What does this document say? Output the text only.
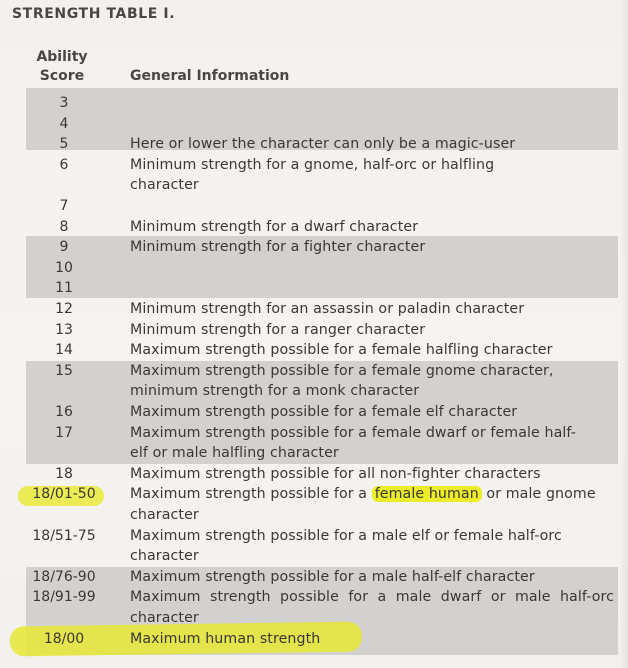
STRENGTH TABLE I.
Ability
Score	General Information
3
4
5	Here or lower the character can only be a magic-user
6	Minimum strength for a gnome, half-orc or halfling character
7
8	Minimum strength for a dwarf character
9	Minimum strength for a fighter character
10
11
12	Minimum strength for an assassin or paladin character
13	Minimum strength for a ranger character
14	Maximum strength possible for a female halfling character
15	Maximum strength possible for a female gnome character, minimum strength for a monk character
16	Maximum strength possible for a female elf character
17	Maximum strength possible for a female dwarf or female half-elf or male halfling character
18	Maximum strength possible for all non-fighter characters
18/01-50	Maximum strength possible for a female human or male gnome character
18/51-75	Maximum strength possible for a male elf or female half-orc character
18/76-90	Maximum strength possible for a male half-elf character
18/91-99	Maximum strength possible for a male dwarf or male half-orc character
18/00	Maximum human strength
